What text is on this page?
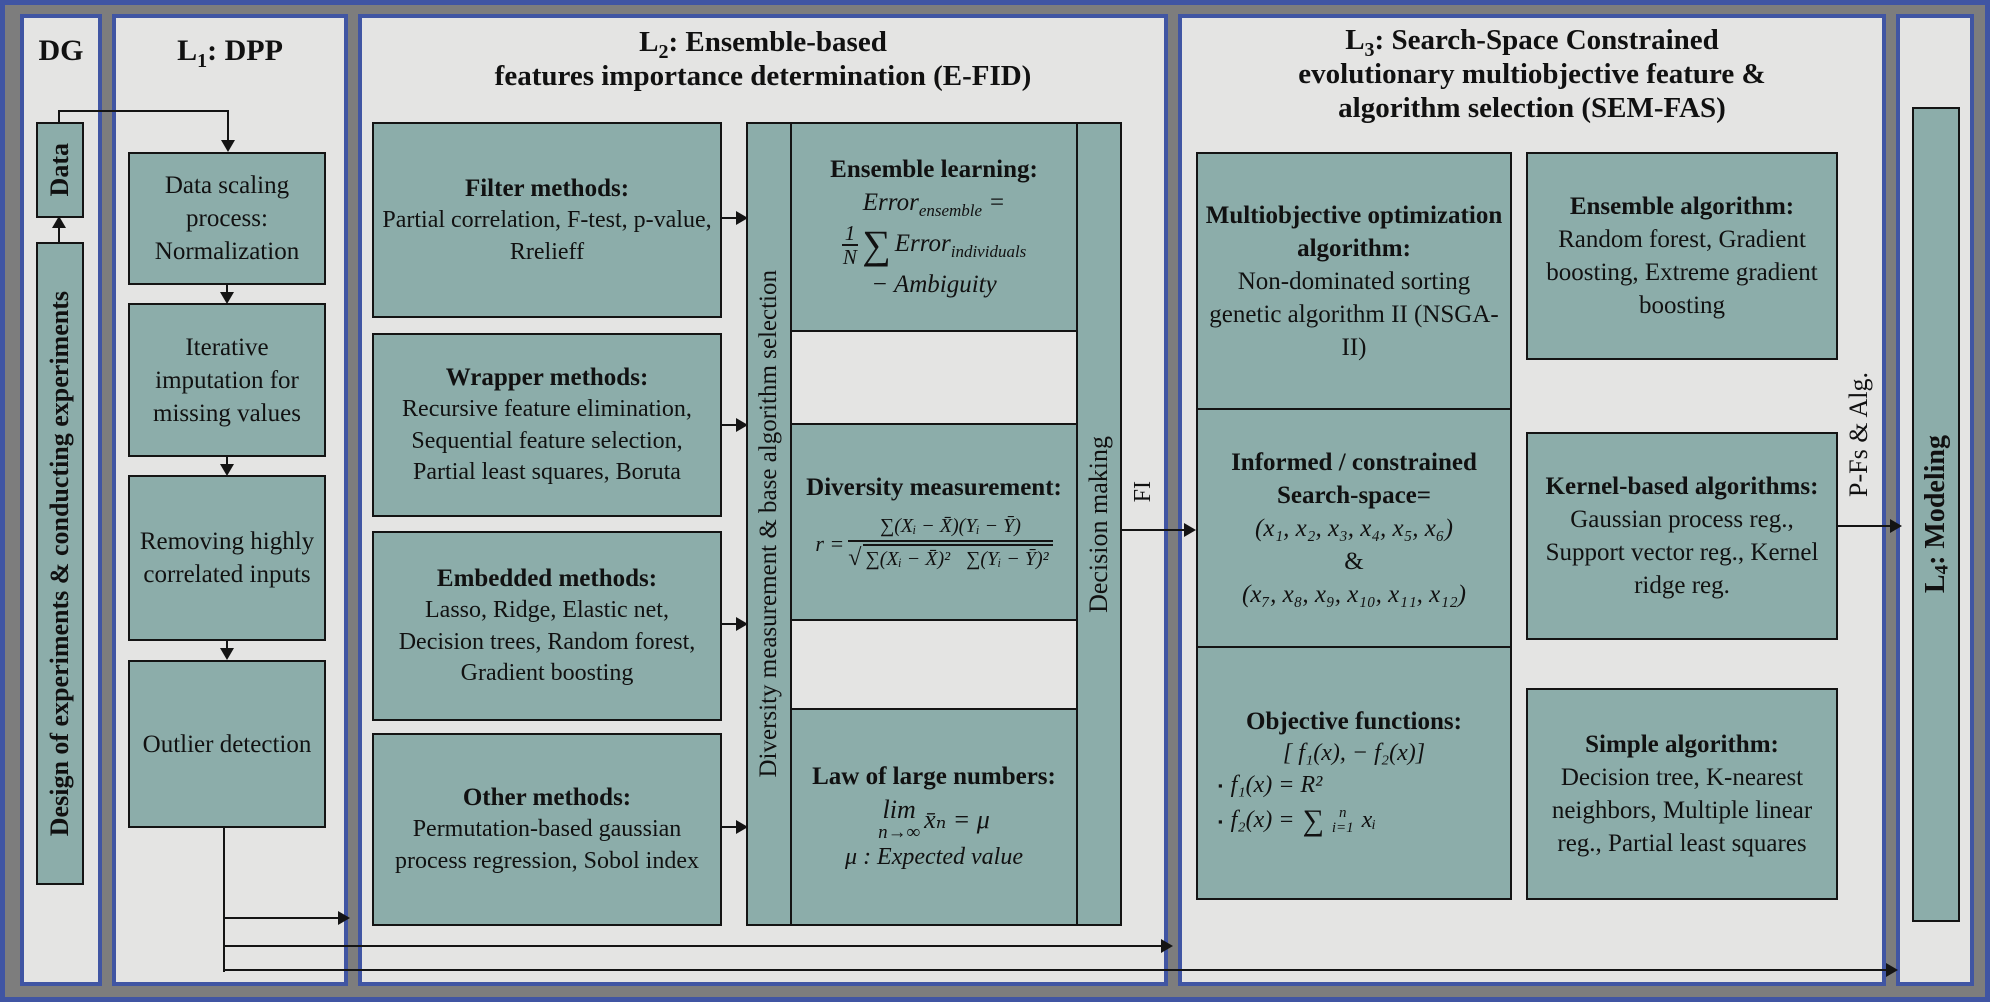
DG
Data
Design of experiments & conducting experiments
$L_1$: DPP
Data scaling process: Normalization
Iterative imputation for missing values
Removing highly correlated inputs
Outlier detection
$L_2$: Ensemble-based
features importance determination (E-FID)
Filter methods:
Partial correlation, F-test, p-value, Rrelieff
Wrapper methods:
Recursive feature elimination, Sequential feature selection, Partial least squares, Boruta
Embedded methods:
Lasso, Ridge, Elastic net, Decision trees, Random forest, Gradient boosting
Other methods:
Permutation-based gaussian process regression, Sobol index
Diversity measurement & base algorithm selection	Decision making
Ensemble learning:
Error$_{ensemble}$ =
$\frac{1}{N}$ ∑ Error$_{individuals}$
− Ambiguity
Diversity measurement:
$r = \frac{\text{∑(Xᵢ − X̄)(Yᵢ − Ȳ)}}{\text{√ ∑(Xᵢ − X̄)² ∑(Yᵢ − Ȳ)²}}$
Law of large numbers:
lim
n→∞ x̄ₙ = μ
μ : Expected value
$L_3$: Search-Space Constrained
evolutionary multiobjective feature &
algorithm selection (SEM-FAS)
Multiobjective optimization algorithm:
Non-dominated sorting genetic algorithm II (NSGA-II)
Informed / constrained Search-space=
(x₁, x₂, x₃, x₄, x₅, x₆)
&
(x₇, x₈, x₉, x₁₀, x₁₁, x₁₂)
Objective functions:
[ f₁(x), − f₂(x)]
▪ f₁(x) = R²
▪ f₂(x) = ∑	n
i=1 xᵢ
Ensemble algorithm:
Random forest, Gradient boosting, Extreme gradient boosting
Kernel-based algorithms:
Gaussian process reg., Support vector reg., Kernel ridge reg.
Simple algorithm:
Decision tree, K-nearest neighbors, Multiple linear reg., Partial least squares
$L_4$: Modeling
FI	P-Fs & Alg.
